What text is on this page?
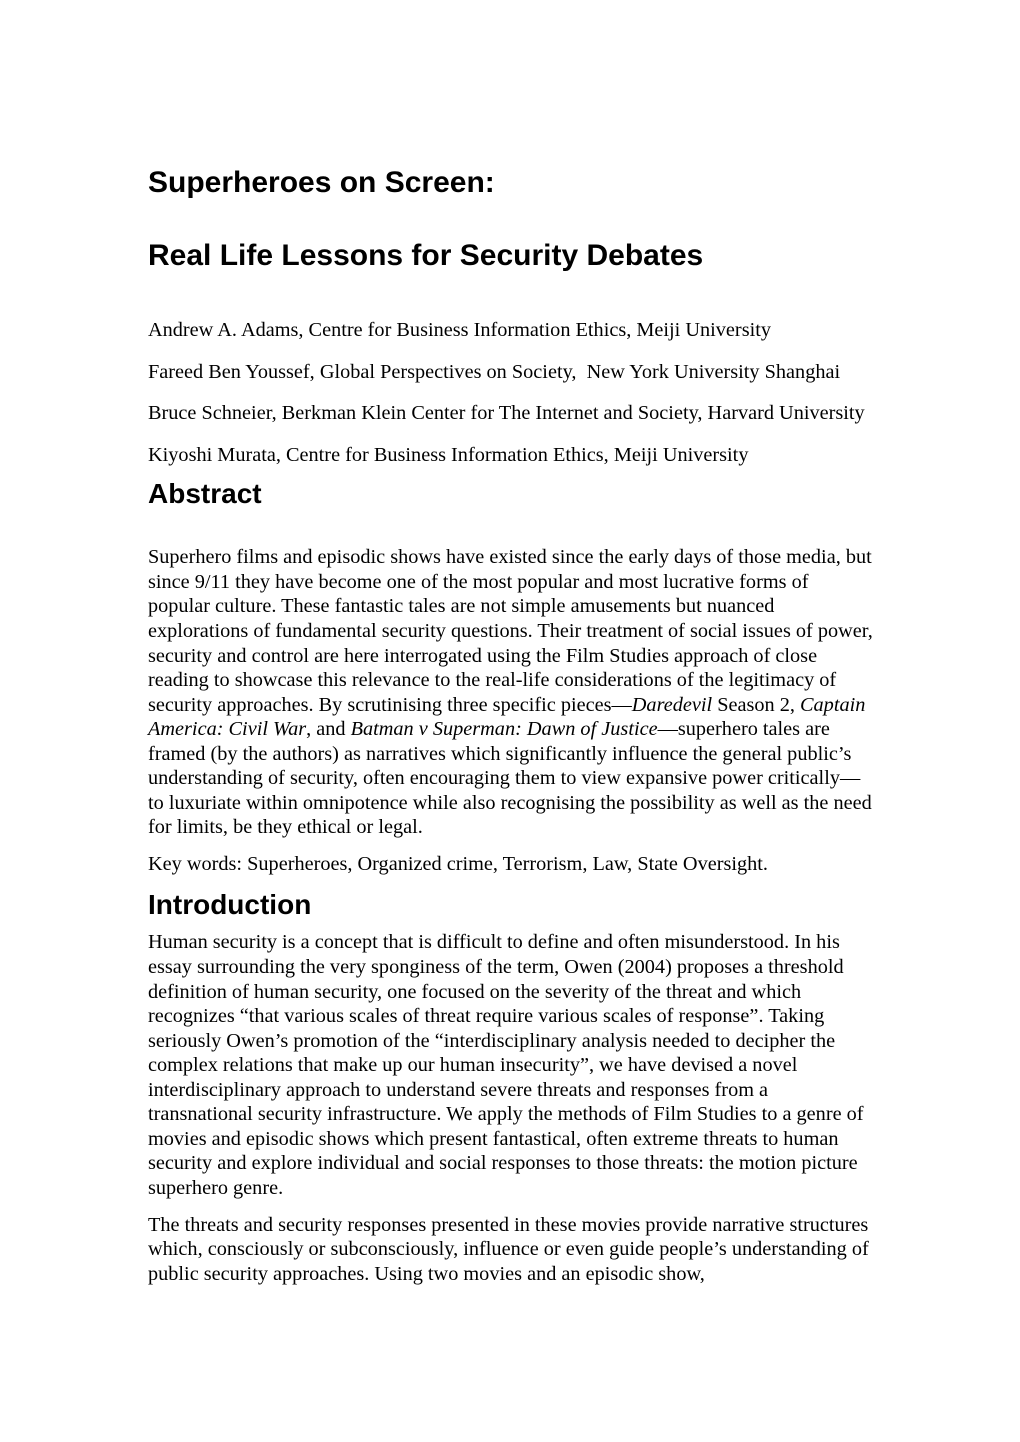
Superheroes on Screen:
Real Life Lessons for Security Debates

Andrew A. Adams, Centre for Business Information Ethics, Meiji University

Fareed Ben Youssef, Global Perspectives on Society,  New York University Shanghai

Bruce Schneier, Berkman Klein Center for The Internet and Society, Harvard University

Kiyoshi Murata, Centre for Business Information Ethics, Meiji University

Abstract

Superhero films and episodic shows have existed since the early days of those media, but since 9/11 they have become one of the most popular and most lucrative forms of popular culture. These fantastic tales are not simple amusements but nuanced explorations of fundamental security questions. Their treatment of social issues of power, security and control are here interrogated using the Film Studies approach of close reading to showcase this relevance to the real-life considerations of the legitimacy of security approaches. By scrutinising three specific pieces—Daredevil Season 2, Captain America: Civil War, and Batman v Superman: Dawn of Justice—superhero tales are framed (by the authors) as narratives which significantly influence the general public’s understanding of security, often encouraging them to view expansive power critically—to luxuriate within omnipotence while also recognising the possibility as well as the need for limits, be they ethical or legal.

Key words: Superheroes, Organized crime, Terrorism, Law, State Oversight.

Introduction

Human security is a concept that is difficult to define and often misunderstood. In his essay surrounding the very sponginess of the term, Owen (2004) proposes a threshold definition of human security, one focused on the severity of the threat and which recognizes “that various scales of threat require various scales of response”. Taking seriously Owen’s promotion of the “interdisciplinary analysis needed to decipher the complex relations that make up our human insecurity”, we have devised a novel interdisciplinary approach to understand severe threats and responses from a transnational security infrastructure. We apply the methods of Film Studies to a genre of movies and episodic shows which present fantastical, often extreme threats to human security and explore individual and social responses to those threats: the motion picture superhero genre.

The threats and security responses presented in these movies provide narrative structures which, consciously or subconsciously, influence or even guide people’s understanding of public security approaches. Using two movies and an episodic show,
